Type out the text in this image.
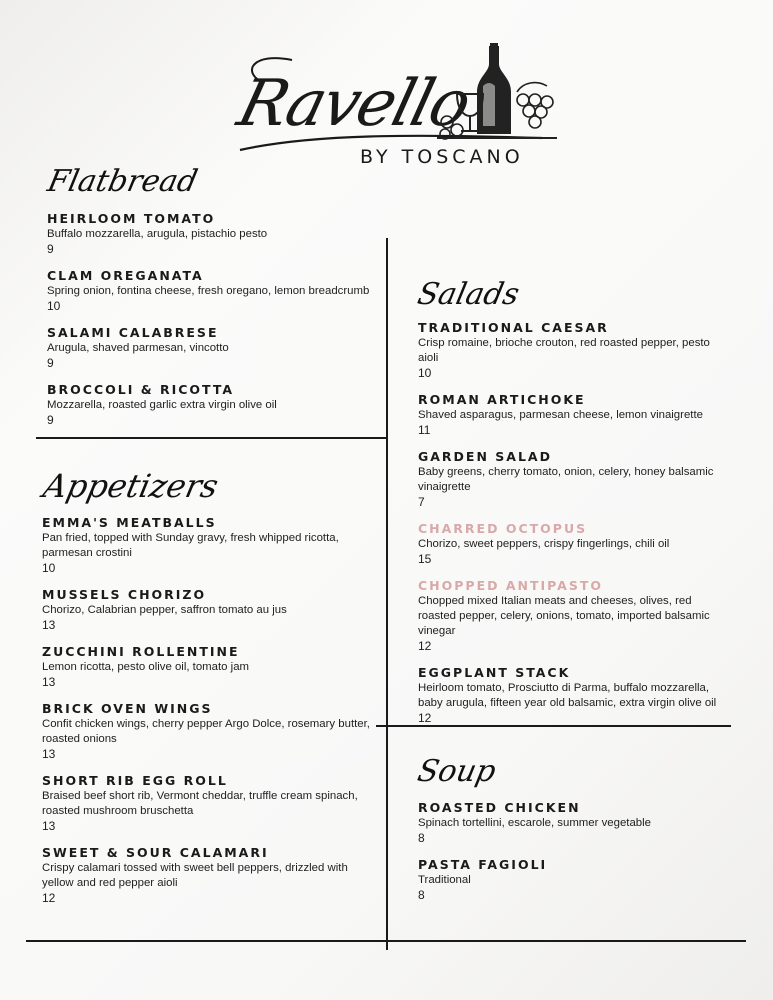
Ravello
BY TOSCANO
Flatbread
HEIRLOOM TOMATO
Buffalo mozzarella, arugula, pistachio pesto
9
CLAM OREGANATA
Spring onion, fontina cheese, fresh oregano, lemon breadcrumb
10
SALAMI CALABRESE
Arugula, shaved parmesan, vincotto
9
BROCCOLI & RICOTTA
Mozzarella, roasted garlic extra virgin olive oil
9
Appetizers
EMMA'S MEATBALLS
Pan fried, topped with Sunday gravy, fresh whipped ricotta, parmesan crostini
10
MUSSELS CHORIZO
Chorizo, Calabrian pepper, saffron tomato au jus
13
ZUCCHINI ROLLENTINE
Lemon ricotta, pesto olive oil, tomato jam
13
BRICK OVEN WINGS
Confit chicken wings, cherry pepper Argo Dolce, rosemary butter, roasted onions
13
SHORT RIB EGG ROLL
Braised beef short rib, Vermont cheddar, truffle cream spinach, roasted mushroom bruschetta
13
SWEET & SOUR CALAMARI
Crispy calamari tossed with sweet bell peppers, drizzled with yellow and red pepper aioli
12
Salads
TRADITIONAL CAESAR
Crisp romaine, brioche crouton, red roasted pepper, pesto aioli
10
ROMAN ARTICHOKE
Shaved asparagus, parmesan cheese, lemon vinaigrette
11
GARDEN SALAD
Baby greens, cherry tomato, onion, celery, honey balsamic vinaigrette
7
CHARRED OCTOPUS
Chorizo, sweet peppers, crispy fingerlings, chili oil
15
CHOPPED ANTIPASTO
Chopped mixed Italian meats and cheeses, olives, red roasted pepper, celery, onions, tomato, imported balsamic vinegar
12
EGGPLANT STACK
Heirloom tomato, Prosciutto di Parma, buffalo mozzarella, baby arugula, fifteen year old balsamic, extra virgin olive oil
12
Soup
ROASTED CHICKEN
Spinach tortellini, escarole, summer vegetable
8
PASTA FAGIOLI
Traditional
8
